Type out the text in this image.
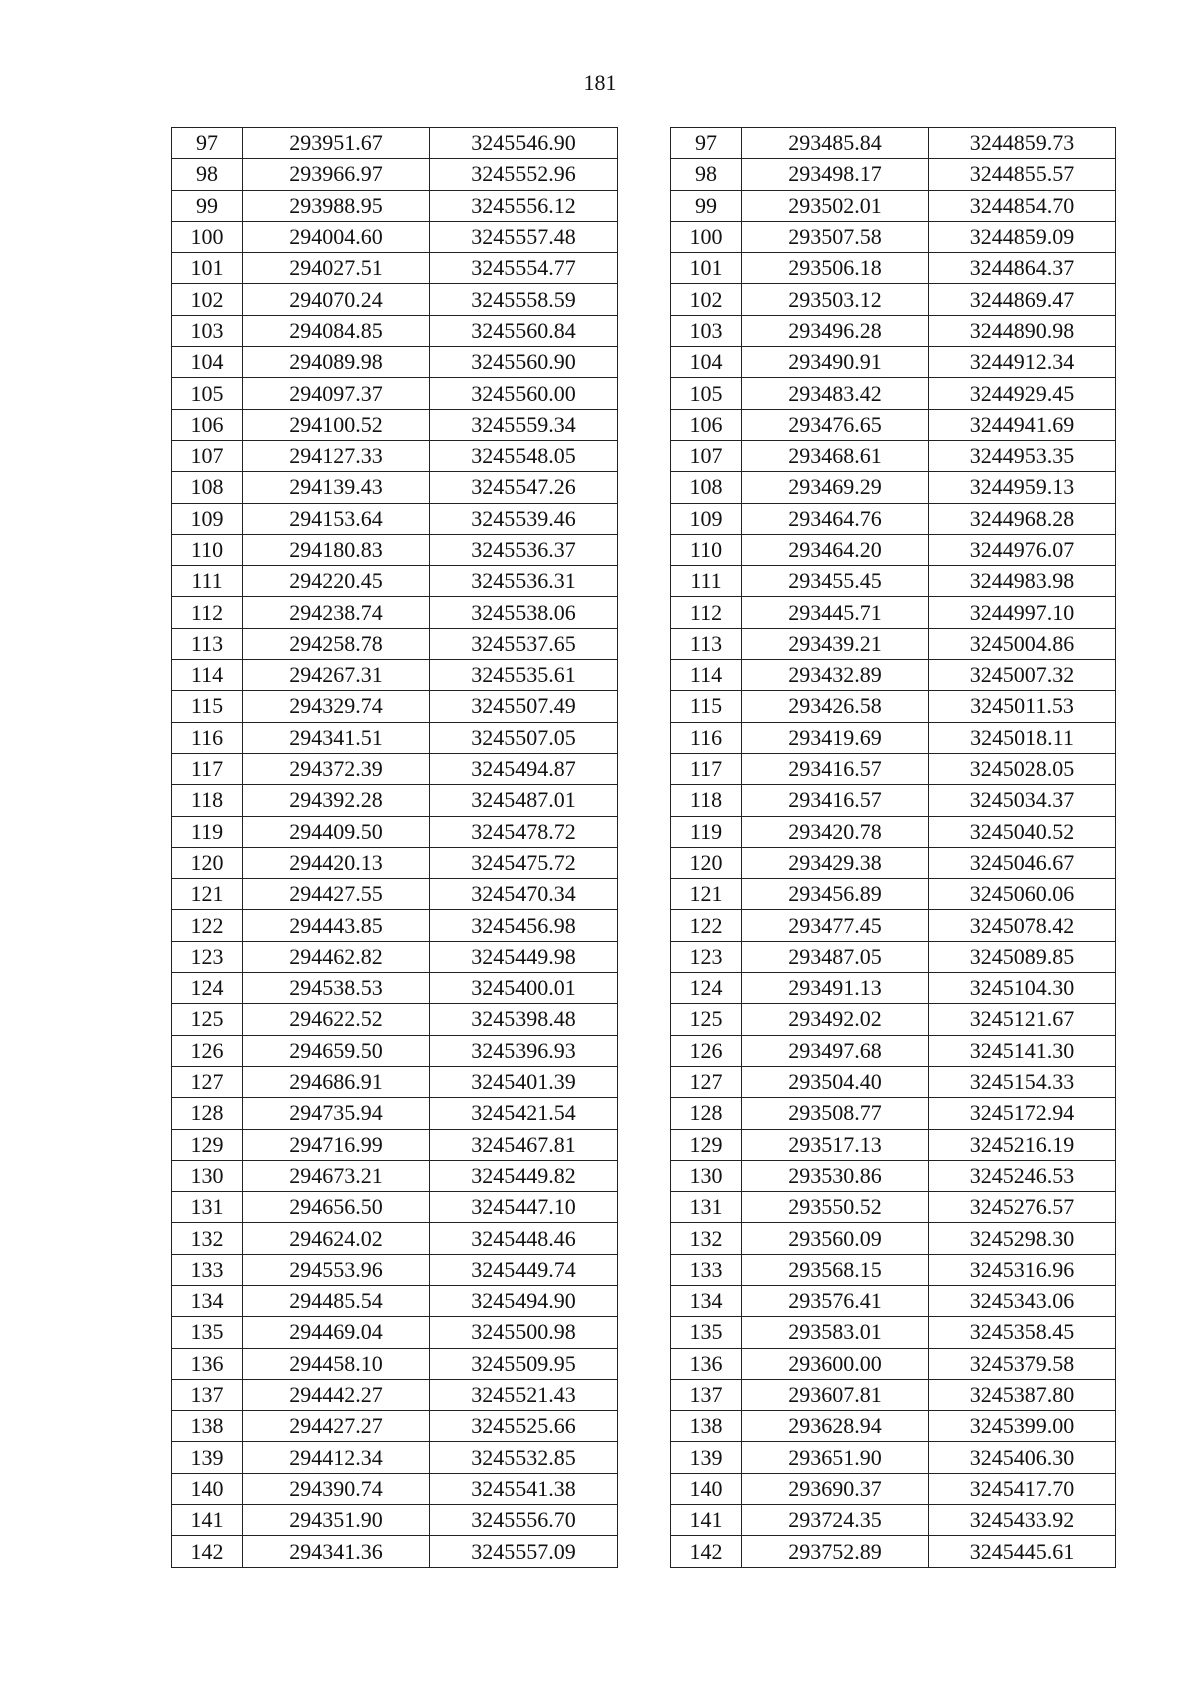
181
97	293951.67	3245546.90
98	293966.97	3245552.96
99	293988.95	3245556.12
100	294004.60	3245557.48
101	294027.51	3245554.77
102	294070.24	3245558.59
103	294084.85	3245560.84
104	294089.98	3245560.90
105	294097.37	3245560.00
106	294100.52	3245559.34
107	294127.33	3245548.05
108	294139.43	3245547.26
109	294153.64	3245539.46
110	294180.83	3245536.37
111	294220.45	3245536.31
112	294238.74	3245538.06
113	294258.78	3245537.65
114	294267.31	3245535.61
115	294329.74	3245507.49
116	294341.51	3245507.05
117	294372.39	3245494.87
118	294392.28	3245487.01
119	294409.50	3245478.72
120	294420.13	3245475.72
121	294427.55	3245470.34
122	294443.85	3245456.98
123	294462.82	3245449.98
124	294538.53	3245400.01
125	294622.52	3245398.48
126	294659.50	3245396.93
127	294686.91	3245401.39
128	294735.94	3245421.54
129	294716.99	3245467.81
130	294673.21	3245449.82
131	294656.50	3245447.10
132	294624.02	3245448.46
133	294553.96	3245449.74
134	294485.54	3245494.90
135	294469.04	3245500.98
136	294458.10	3245509.95
137	294442.27	3245521.43
138	294427.27	3245525.66
139	294412.34	3245532.85
140	294390.74	3245541.38
141	294351.90	3245556.70
142	294341.36	3245557.09
97	293485.84	3244859.73
98	293498.17	3244855.57
99	293502.01	3244854.70
100	293507.58	3244859.09
101	293506.18	3244864.37
102	293503.12	3244869.47
103	293496.28	3244890.98
104	293490.91	3244912.34
105	293483.42	3244929.45
106	293476.65	3244941.69
107	293468.61	3244953.35
108	293469.29	3244959.13
109	293464.76	3244968.28
110	293464.20	3244976.07
111	293455.45	3244983.98
112	293445.71	3244997.10
113	293439.21	3245004.86
114	293432.89	3245007.32
115	293426.58	3245011.53
116	293419.69	3245018.11
117	293416.57	3245028.05
118	293416.57	3245034.37
119	293420.78	3245040.52
120	293429.38	3245046.67
121	293456.89	3245060.06
122	293477.45	3245078.42
123	293487.05	3245089.85
124	293491.13	3245104.30
125	293492.02	3245121.67
126	293497.68	3245141.30
127	293504.40	3245154.33
128	293508.77	3245172.94
129	293517.13	3245216.19
130	293530.86	3245246.53
131	293550.52	3245276.57
132	293560.09	3245298.30
133	293568.15	3245316.96
134	293576.41	3245343.06
135	293583.01	3245358.45
136	293600.00	3245379.58
137	293607.81	3245387.80
138	293628.94	3245399.00
139	293651.90	3245406.30
140	293690.37	3245417.70
141	293724.35	3245433.92
142	293752.89	3245445.61
